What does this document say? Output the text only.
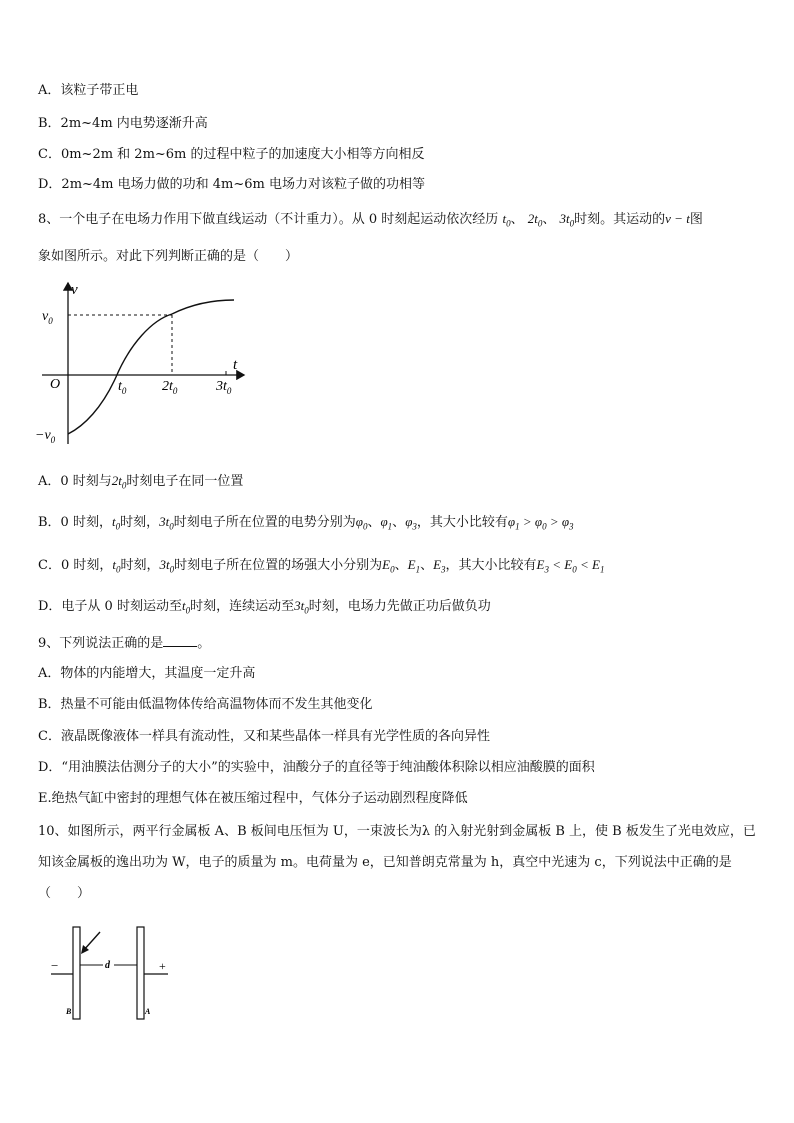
A．该粒子带正电
B．2m~4m 内电势逐渐升高
C．0m~2m 和 2m~6m 的过程中粒子的加速度大小相等方向相反
D．2m~4m 电场力做的功和 4m~6m 电场力对该粒子做的功相等
8、一个电子在电场力作用下做直线运动（不计重力）。从 0 时刻起运动依次经历 $t_0$、 $2t_0$、 $3t_0$时刻。其运动的v − t图
象如图所示。对此下列判断正确的是（　　）
v
t
O
$v_0$
$-v_0$
$t_0$	$2t_0$	$3t_0$
A．0 时刻与$2t_0$时刻电子在同一位置
B．0 时刻，$t_0$时刻，$3t_0$时刻电子所在位置的电势分别为$\varphi_0$、$\varphi_1$、$\varphi_3$，其大小比较有$\varphi_1 > \varphi_0 > \varphi_3$
C．0 时刻，$t_0$时刻，$3t_0$时刻电子所在位置的场强大小分别为$E_0$、$E_1$、$E_3$，其大小比较有$E_3 < E_0 < E_1$
D．电子从 0 时刻运动至$t_0$时刻，连续运动至$3t_0$时刻，电场力先做正功后做负功
9、下列说法正确的是	。
A．物体的内能增大，其温度一定升高
B．热量不可能由低温物体传给高温物体而不发生其他变化
C．液晶既像液体一样具有流动性，又和某些晶体一样具有光学性质的各向异性
D．“用油膜法估测分子的大小”的实验中，油酸分子的直径等于纯油酸体积除以相应油酸膜的面积
E.绝热气缸中密封的理想气体在被压缩过程中，气体分子运动剧烈程度降低
10、如图所示，两平行金属板 A、B 板间电压恒为 U，一束波长为λ 的入射光射到金属板 B 上，使 B 板发生了光电效应，已知该金属板的逸出功为 W，电子的质量为 m。电荷量为 e，已知普朗克常量为 h，真空中光速为 c，下列说法中正确的是（　　）
−	+
d
B	A
